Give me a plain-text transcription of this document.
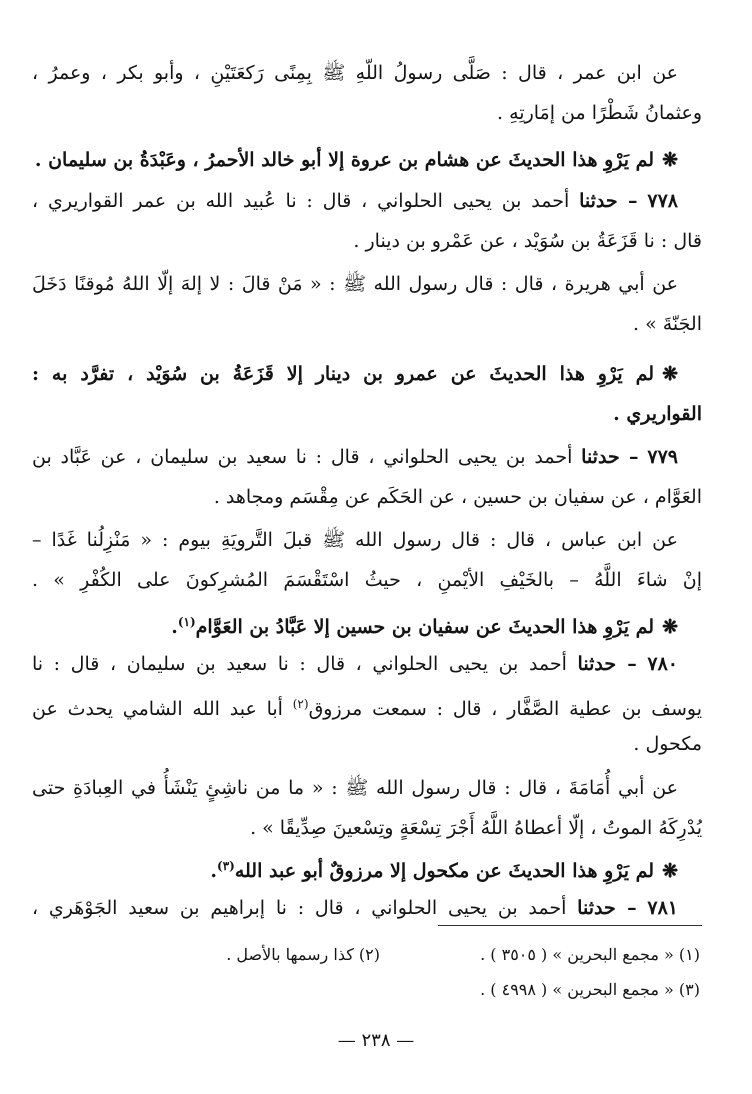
عن ابن عمر ، قال : صَلَّى رسولُ اللّهِ ﷺ بِمِنًى رَكعَتَيْنِ ، وأبو بكر ، وعمرُ ،

وعثمانُ شَطْرًا من إمَارتِهِ .

❋لم يَرْوِ هذا الحديثَ عن هشام بن عروة إلا أبو خالد الأحمرُ ، وعَبْدَةُ بن سليمان .

٧٧٨ – حدثنا أحمد بن يحيى الحلواني ، قال : نا عُبيد الله بن عمر القواريري ،

قال : نا قَزَعَةُ بن سُوَيْد ، عن عَمْرو بن دينار .

عن أبي هريرة ، قال : قال رسول الله ﷺ : « مَنْ قالَ : لا إلهَ إلّا اللهُ مُوقنًا دَخَلَ

الجَنّةَ » .

❋لم يَرْوِ هذا الحديثَ عن عمرو بن دينار إلا قَزَعَةُ بن سُوَيْد ، تفرَّد به :

القواريري .

٧٧٩ – حدثنا أحمد بن يحيى الحلواني ، قال : نا سعيد بن سليمان ، عن عَبَّاد بن

العَوَّام ، عن سفيان بن حسين ، عن الحَكَم عن مِقْسَم ومجاهد .

عن ابن عباس ، قال : قال رسول الله ﷺ قبلَ التَّرويَةِ بيوم : « مَنْزِلُنا غَدًا –

إنْ شاءَ اللَّهُ – بالخَيْفِ الأيْمنِ ، حيثُ اسْتَقْسَمَ المُشرِكونَ على الكُفْرِ » .

❋لم يَرْوِ هذا الحديثَ عن سفيان بن حسين إلا عَبَّادُ بن العَوَّام$^{(١)}$.

٧٨٠ – حدثنا أحمد بن يحيى الحلواني ، قال : نا سعيد بن سليمان ، قال : نا

يوسف بن عطية الصَّفَّار ، قال : سمعت مرزوق$^{(٢)}$ أبا عبد الله الشامي يحدث عن

مكحول .

عن أبي أُمَامَةَ ، قال : قال رسول الله ﷺ : « ما من ناشِئٍ يَنْشَأُ في العِبادَةِ حتى

يُدْرِكَهُ الموتُ ، إلّا أعطاهُ اللَّهُ أَجْرَ تِسْعَةٍ وتِسْعينَ صِدِّيقًا » .

❋لم يَرْوِ هذا الحديثَ عن مكحول إلا مرزوقٌ أبو عبد الله$^{(٣)}$.

٧٨١ – حدثنا أحمد بن يحيى الحلواني ، قال : نا إبراهيم بن سعيد الجَوْهَري ،

(١) « مجمع البحرين » ( ٣٥٠٥ ) .

(٢) كذا رسمها بالأصل .

(٣) « مجمع البحرين » ( ٤٩٩٨ ) .

— ٢٣٨ —
